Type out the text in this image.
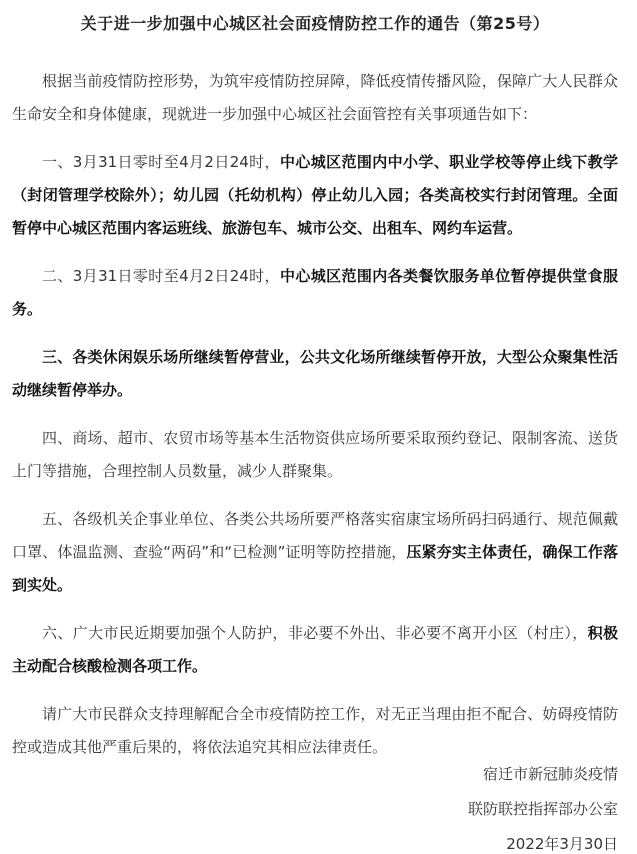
关于进一步加强中心城区社会面疫情防控工作的通告（第25号）

根据当前疫情防控形势，为筑牢疫情防控屏障，降低疫情传播风险，保障广大人民群众生命安全和身体健康，现就进一步加强中心城区社会面管控有关事项通告如下：

一、3月31日零时至4月2日24时，中心城区范围内中小学、职业学校等停止线下教学（封闭管理学校除外）；幼儿园（托幼机构）停止幼儿入园；各类高校实行封闭管理。全面暂停中心城区范围内客运班线、旅游包车、城市公交、出租车、网约车运营。

二、3月31日零时至4月2日24时，中心城区范围内各类餐饮服务单位暂停提供堂食服务。

三、各类休闲娱乐场所继续暂停营业，公共文化场所继续暂停开放，大型公众聚集性活动继续暂停举办。

四、商场、超市、农贸市场等基本生活物资供应场所要采取预约登记、限制客流、送货上门等措施，合理控制人员数量，减少人群聚集。

五、各级机关企事业单位、各类公共场所要严格落实宿康宝场所码扫码通行、规范佩戴口罩、体温监测、查验“两码”和“已检测”证明等防控措施，压紧夯实主体责任，确保工作落到实处。

六、广大市民近期要加强个人防护，非必要不外出、非必要不离开小区（村庄），积极主动配合核酸检测各项工作。

请广大市民群众支持理解配合全市疫情防控工作，对无正当理由拒不配合、妨碍疫情防控或造成其他严重后果的，将依法追究其相应法律责任。

宿迁市新冠肺炎疫情

联防联控指挥部办公室

2022年3月30日
